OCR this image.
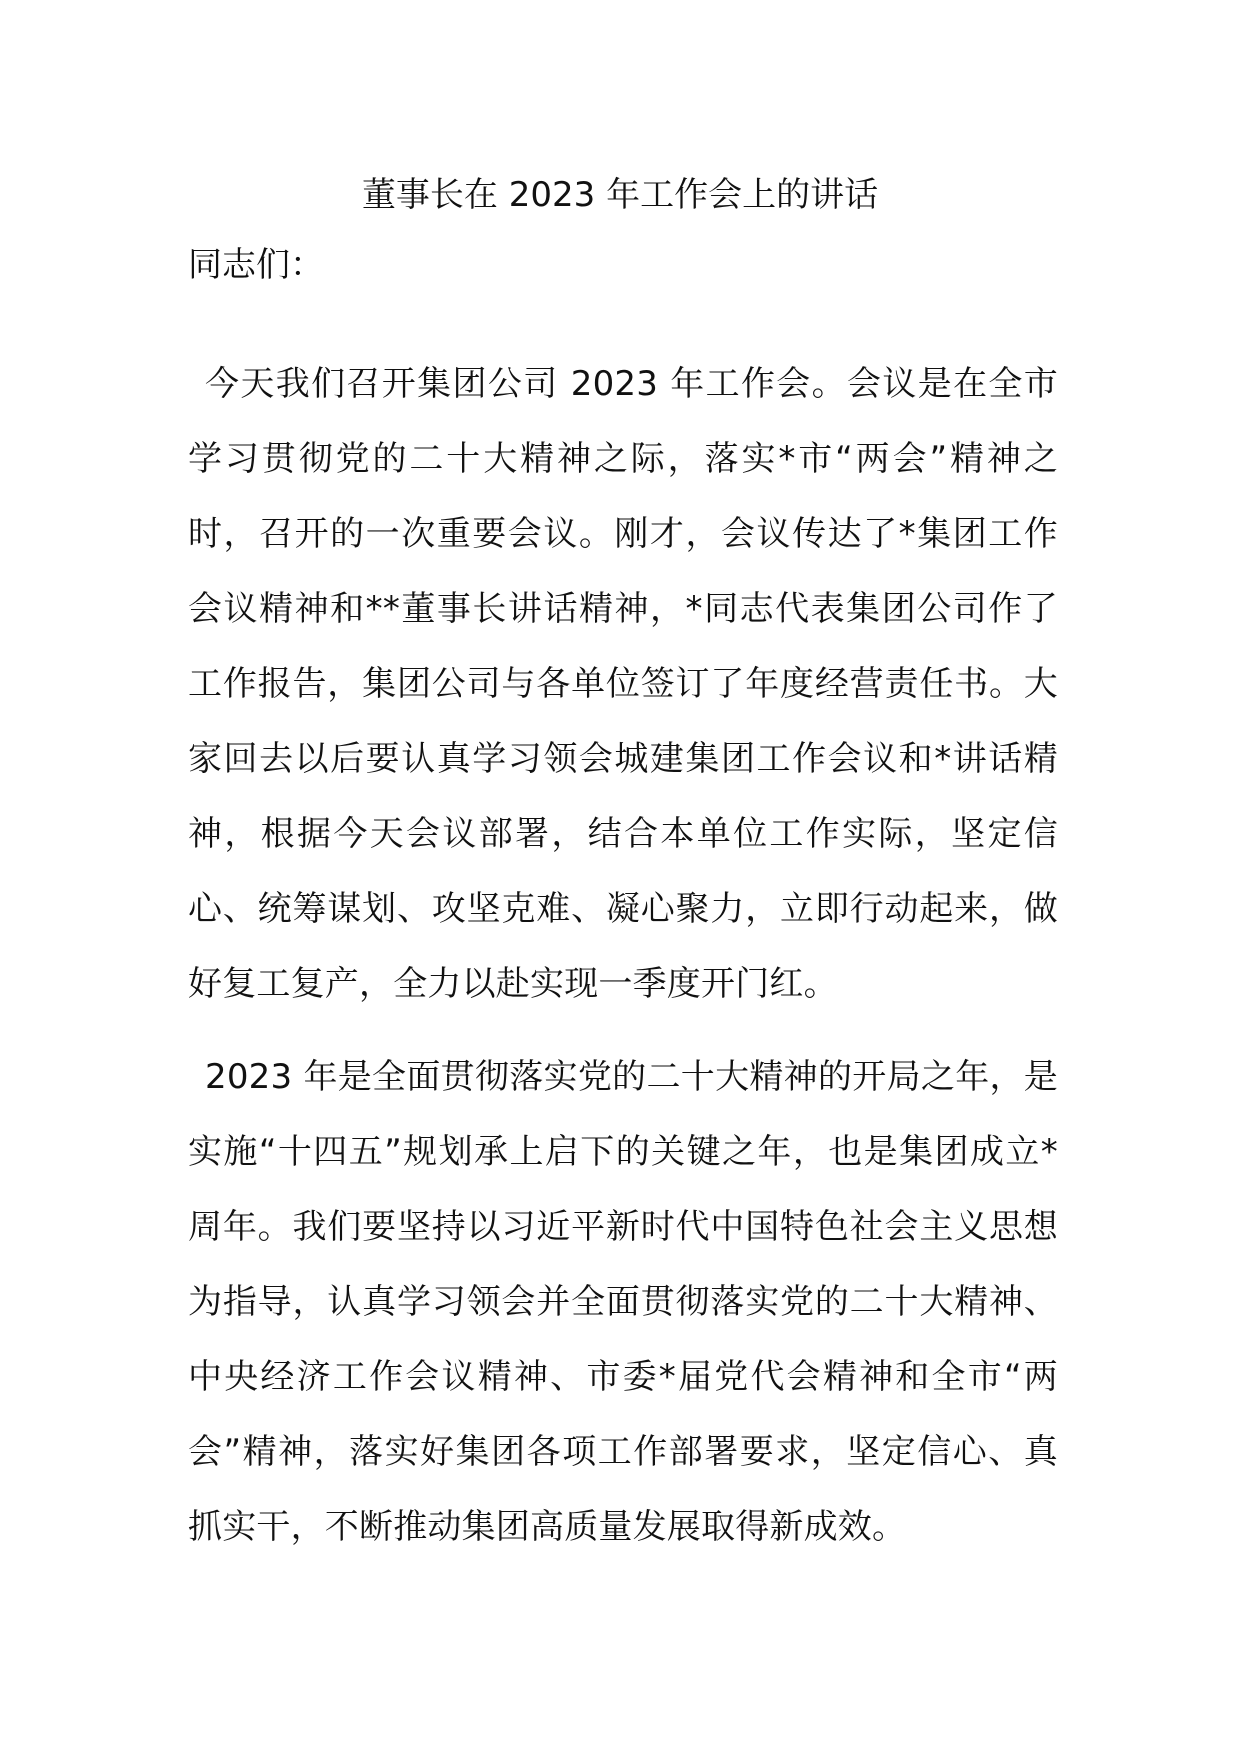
董事长在 2023 年工作会上的讲话

同志们：

今天我们召开集团公司 2023 年工作会。会议是在全市学习贯彻党的二十大精神之际，落实*市“两会”精神之时，召开的一次重要会议。刚才，会议传达了*集团工作会议精神和**董事长讲话精神，*同志代表集团公司作了工作报告，集团公司与各单位签订了年度经营责任书。大家回去以后要认真学习领会城建集团工作会议和*讲话精神，根据今天会议部署，结合本单位工作实际，坚定信心、统筹谋划、攻坚克难、凝心聚力，立即行动起来，做好复工复产，全力以赴实现一季度开门红。

2023 年是全面贯彻落实党的二十大精神的开局之年，是实施“十四五”规划承上启下的关键之年，也是集团成立*周年。我们要坚持以习近平新时代中国特色社会主义思想为指导，认真学习领会并全面贯彻落实党的二十大精神、中央经济工作会议精神、市委*届党代会精神和全市“两会”精神，落实好集团各项工作部署要求，坚定信心、真抓实干，不断推动集团高质量发展取得新成效。
